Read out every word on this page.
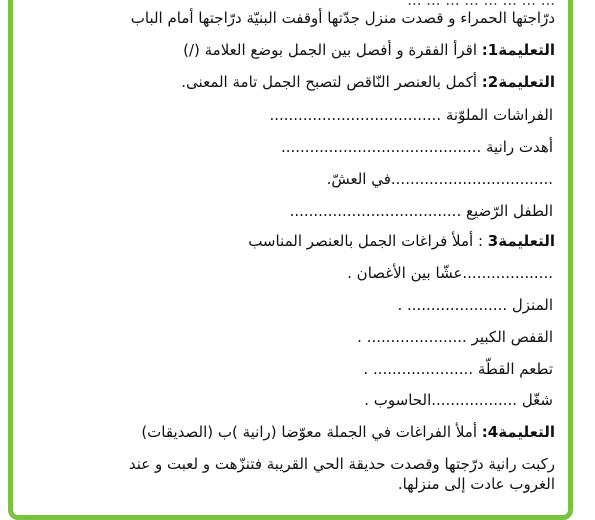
... ... ... ... ... ... ... ...
درّاجتها الحمراء و قصدت منزل جدّتها أوقفت البنيّة درّاجتها أمام الباب
التعليمة1: اقرأ الفقرة و أفصل بين الجمل بوضع العلامة (/)
التعليمة2: أكمل بالعنصر النّاقص لتصبح الجمل تامة المعنى.
الفراشات الملوّنة ....................................
أهدت رانية ..........................................
..................................في العشّ.
الطفل الرّضيع ....................................
التعليمة3 : أملأ فراغات الجمل بالعنصر المناسب
...................عشّا بين الأغصان .
المنزل ..................... .
القفص الكبير ..................... .
تطعم القطّة ..................... .
شغّل ..................الحاسوب .
التعليمة4: أملأ الفراغات في الجملة معوّضا (رانية )ب (الصديقات)
ركبت رانية درّجتها وقصدت حديقة الحي القريبة فتنزّهت و لعبت و عند
الغروب عادت إلى منزلها.
